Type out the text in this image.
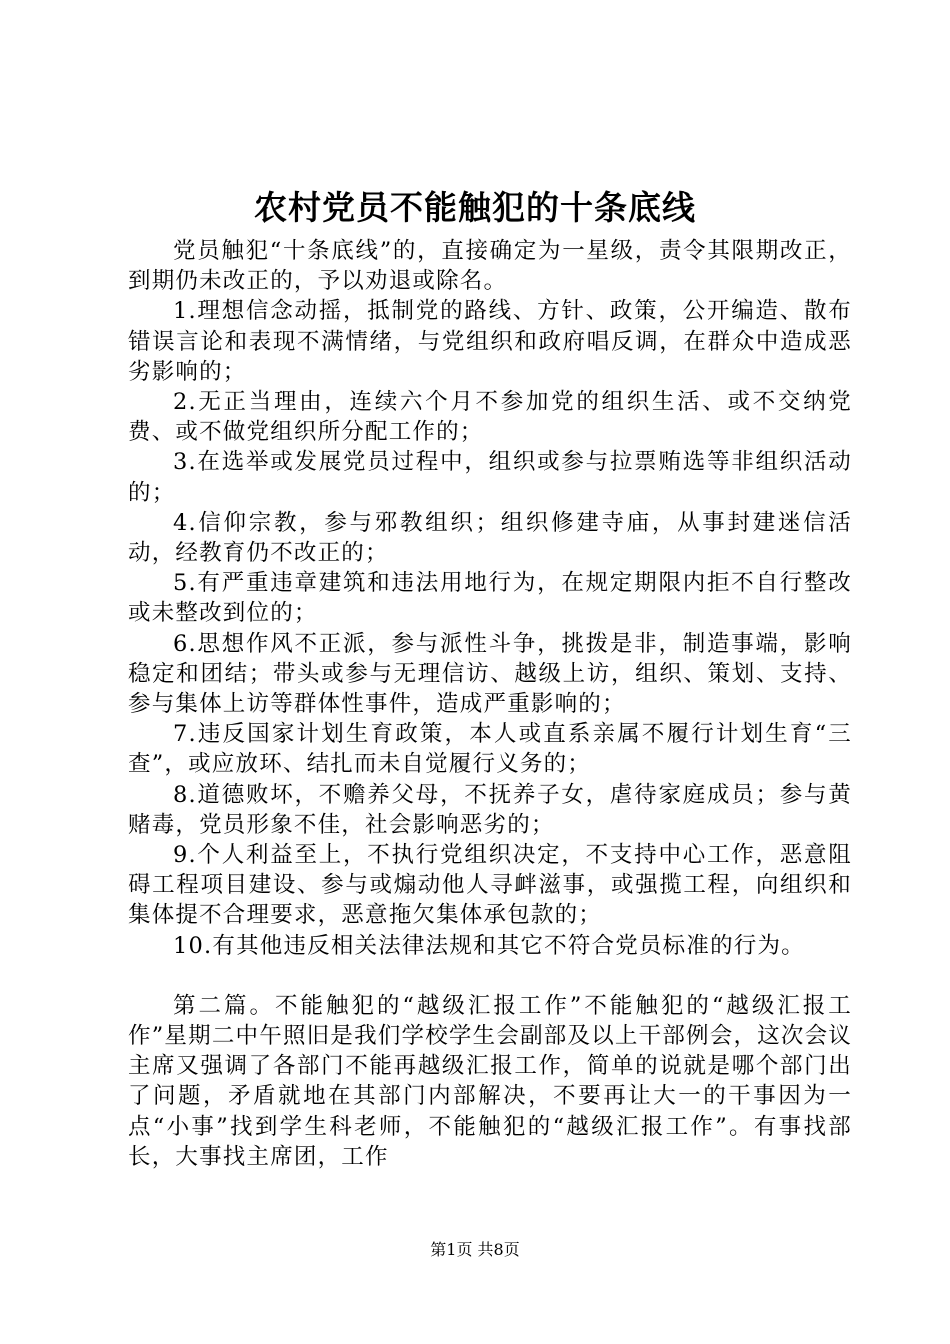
农村党员不能触犯的十条底线

党员触犯“十条底线”的，直接确定为一星级，责令其限期改正，到期仍未改正的，予以劝退或除名。

1.理想信念动摇，抵制党的路线、方针、政策，公开编造、散布错误言论和表现不满情绪，与党组织和政府唱反调，在群众中造成恶劣影响的；

2.无正当理由，连续六个月不参加党的组织生活、或不交纳党费、或不做党组织所分配工作的；

3.在选举或发展党员过程中，组织或参与拉票贿选等非组织活动的；

4.信仰宗教，参与邪教组织；组织修建寺庙，从事封建迷信活动，经教育仍不改正的；

5.有严重违章建筑和违法用地行为，在规定期限内拒不自行整改或未整改到位的；

6.思想作风不正派，参与派性斗争，挑拨是非，制造事端，影响稳定和团结；带头或参与无理信访、越级上访，组织、策划、支持、参与集体上访等群体性事件，造成严重影响的；

7.违反国家计划生育政策，本人或直系亲属不履行计划生育“三查”，或应放环、结扎而未自觉履行义务的；

8.道德败坏，不赡养父母，不抚养子女，虐待家庭成员；参与黄赌毒，党员形象不佳，社会影响恶劣的；

9.个人利益至上，不执行党组织决定，不支持中心工作，恶意阻碍工程项目建设、参与或煽动他人寻衅滋事，或强揽工程，向组织和集体提不合理要求，恶意拖欠集体承包款的；

10.有其他违反相关法律法规和其它不符合党员标准的行为。

第二篇。不能触犯的“越级汇报工作”不能触犯的“越级汇报工作”星期二中午照旧是我们学校学生会副部及以上干部例会，这次会议主席又强调了各部门不能再越级汇报工作，简单的说就是哪个部门出了问题，矛盾就地在其部门内部解决，不要再让大一的干事因为一点“小事”找到学生科老师，不能触犯的“越级汇报工作”。有事找部长，大事找主席团，工作

第1页 共8页
